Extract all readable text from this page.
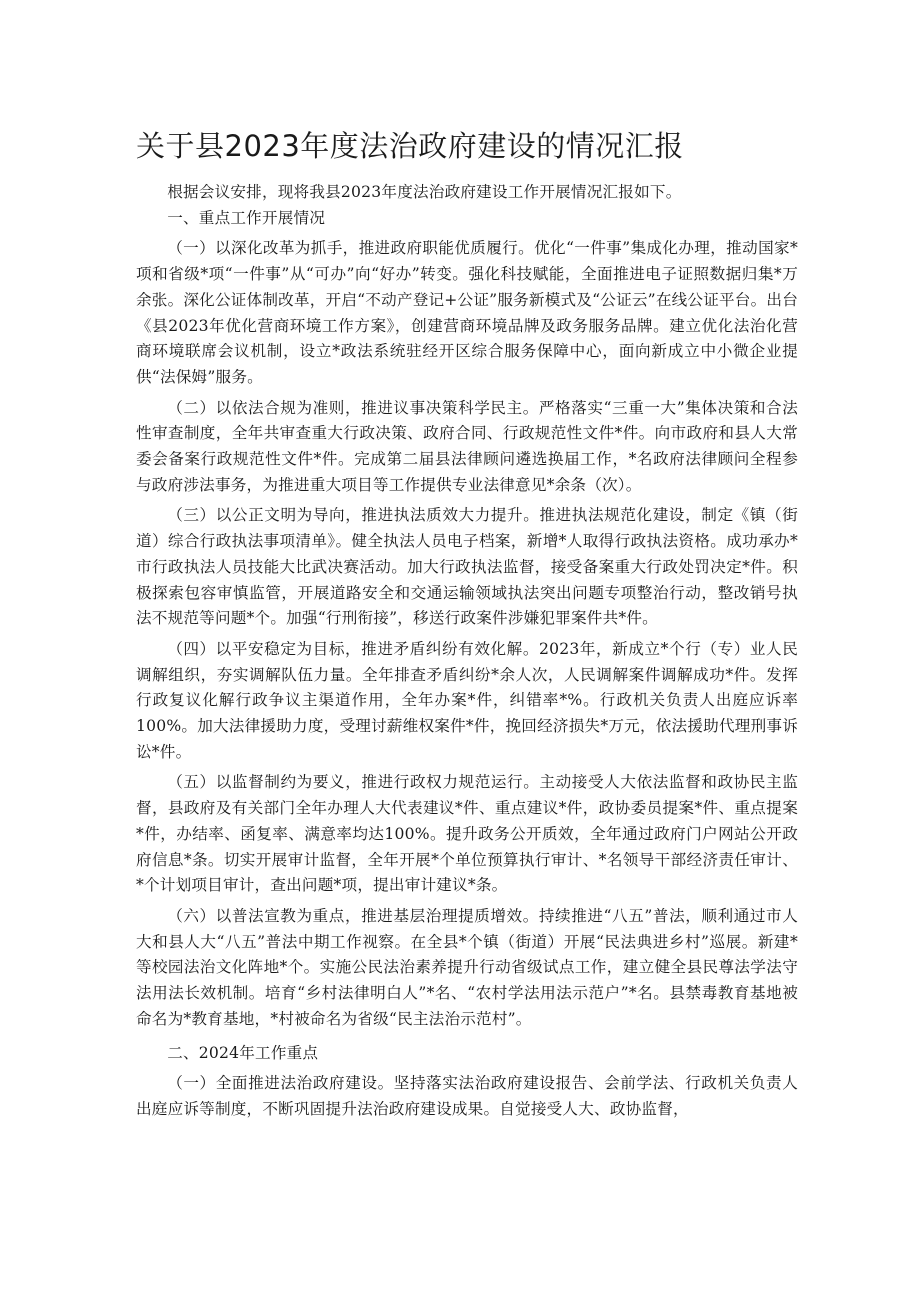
关于县2023年度法治政府建设的情况汇报

根据会议安排，现将我县2023年度法治政府建设工作开展情况汇报如下。

一、重点工作开展情况

（一）以深化改革为抓手，推进政府职能优质履行。优化“一件事”集成化办理，推动国家*项和省级*项“一件事”从“可办”向“好办”转变。强化科技赋能，全面推进电子证照数据归集*万余张。深化公证体制改革，开启“不动产登记+公证”服务新模式及“公证云”在线公证平台。出台《县2023年优化营商环境工作方案》，创建营商环境品牌及政务服务品牌。建立优化法治化营商环境联席会议机制，设立*政法系统驻经开区综合服务保障中心，面向新成立中小微企业提供“法保姆”服务。

（二）以依法合规为准则，推进议事决策科学民主。严格落实“三重一大”集体决策和合法性审查制度，全年共审查重大行政决策、政府合同、行政规范性文件*件。向市政府和县人大常委会备案行政规范性文件*件。完成第二届县法律顾问遴选换届工作，*名政府法律顾问全程参与政府涉法事务，为推进重大项目等工作提供专业法律意见*余条（次）。

（三）以公正文明为导向，推进执法质效大力提升。推进执法规范化建设，制定《镇（街道）综合行政执法事项清单》。健全执法人员电子档案，新增*人取得行政执法资格。成功承办*市行政执法人员技能大比武决赛活动。加大行政执法监督，接受备案重大行政处罚决定*件。积极探索包容审慎监管，开展道路安全和交通运输领域执法突出问题专项整治行动，整改销号执法不规范等问题*个。加强“行刑衔接”，移送行政案件涉嫌犯罪案件共*件。

（四）以平安稳定为目标，推进矛盾纠纷有效化解。2023年，新成立*个行（专）业人民调解组织，夯实调解队伍力量。全年排查矛盾纠纷*余人次，人民调解案件调解成功*件。发挥行政复议化解行政争议主渠道作用，全年办案*件，纠错率*%。行政机关负责人出庭应诉率100%。加大法律援助力度，受理讨薪维权案件*件，挽回经济损失*万元，依法援助代理刑事诉讼*件。

（五）以监督制约为要义，推进行政权力规范运行。主动接受人大依法监督和政协民主监督，县政府及有关部门全年办理人大代表建议*件、重点建议*件，政协委员提案*件、重点提案*件，办结率、函复率、满意率均达100%。提升政务公开质效，全年通过政府门户网站公开政府信息*条。切实开展审计监督，全年开展*个单位预算执行审计、*名领导干部经济责任审计、*个计划项目审计，查出问题*项，提出审计建议*条。

（六）以普法宣教为重点，推进基层治理提质增效。持续推进“八五”普法，顺利通过市人大和县人大“八五”普法中期工作视察。在全县*个镇（街道）开展“民法典进乡村”巡展。新建*等校园法治文化阵地*个。实施公民法治素养提升行动省级试点工作，建立健全县民尊法学法守法用法长效机制。培育“乡村法律明白人”*名、“农村学法用法示范户”*名。县禁毒教育基地被命名为*教育基地，*村被命名为省级“民主法治示范村”。

二、2024年工作重点

（一）全面推进法治政府建设。坚持落实法治政府建设报告、会前学法、行政机关负责人出庭应诉等制度，不断巩固提升法治政府建设成果。自觉接受人大、政协监督，
